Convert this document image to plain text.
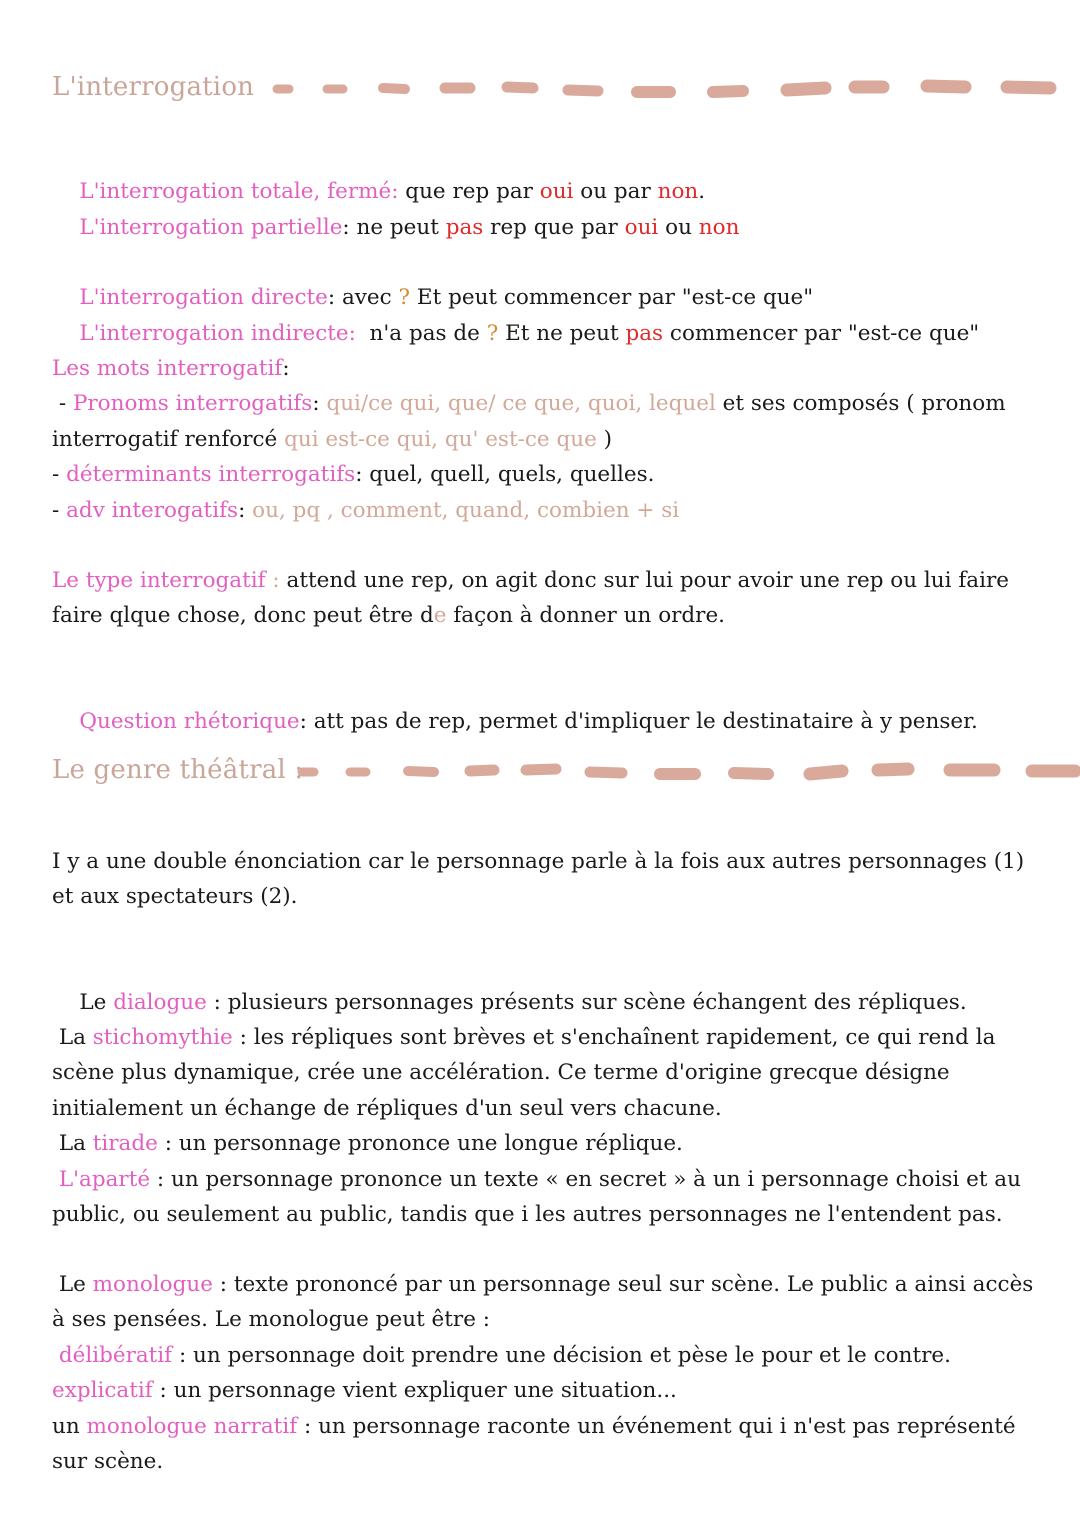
L'interrogation

L'interrogation totale, fermé: que rep par oui ou par non.

L'interrogation partielle: ne peut pas rep que par oui ou non

L'interrogation directe: avec ? Et peut commencer par "est-ce que"

L'interrogation indirecte:  n'a pas de ? Et ne peut pas commencer par "est-ce que"

Les mots interrogatif:
- Pronoms interrogatifs: qui/ce qui, que/ ce que, quoi, lequel et ses composés ( pronom
interrogatif renforcé qui est-ce qui, qu' est-ce que )
- déterminants interrogatifs: quel, quell, quels, quelles.
- adv interogatifs: ou, pq , comment, quand, combien + si
Le type interrogatif : attend une rep, on agit donc sur lui pour avoir une rep ou lui faire
faire qlque chose, donc peut être de façon à donner un ordre.

Question rhétorique: att pas de rep, permet d'impliquer le destinataire à y penser.

Le genre théâtral :
I y a une double énonciation car le personnage parle à la fois aux autres personnages (1)
et aux spectateurs (2).

Le dialogue : plusieurs personnages présents sur scène échangent des répliques.

La stichomythie : les répliques sont brèves et s'enchaînent rapidement, ce qui rend la
scène plus dynamique, crée une accélération. Ce terme d'origine grecque désigne
initialement un échange de répliques d'un seul vers chacune.
La tirade : un personnage prononce une longue réplique.
L'aparté : un personnage prononce un texte « en secret » à un i personnage choisi et au
public, ou seulement au public, tandis que i les autres personnages ne l'entendent pas.
Le monologue : texte prononcé par un personnage seul sur scène. Le public a ainsi accès
à ses pensées. Le monologue peut être :
délibératif : un personnage doit prendre une décision et pèse le pour et le contre.
explicatif : un personnage vient expliquer une situation...
un monologue narratif : un personnage raconte un événement qui i n'est pas représenté
sur scène.
